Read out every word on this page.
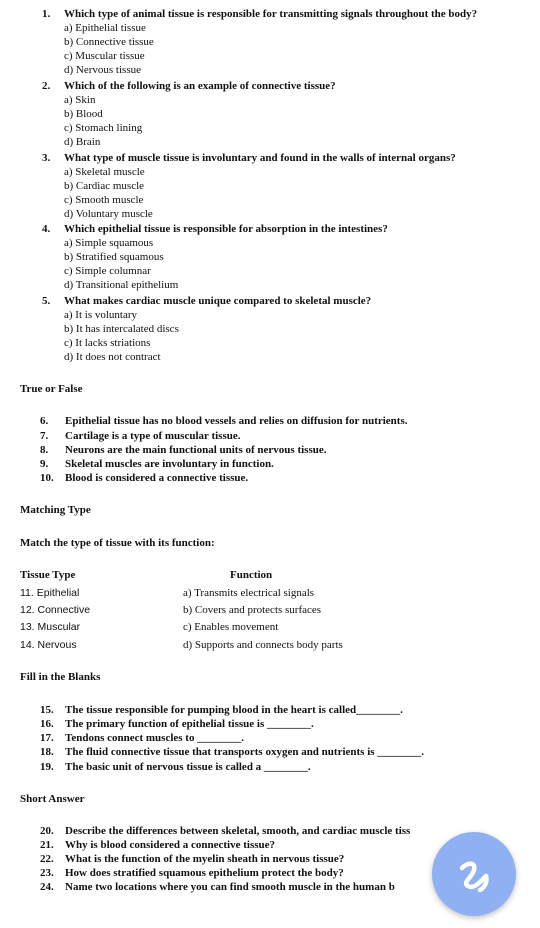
1. Which type of animal tissue is responsible for transmitting signals throughout the body?
a) Epithelial tissue
b) Connective tissue
c) Muscular tissue
d) Nervous tissue
2. Which of the following is an example of connective tissue?
a) Skin
b) Blood
c) Stomach lining
d) Brain
3. What type of muscle tissue is involuntary and found in the walls of internal organs?
a) Skeletal muscle
b) Cardiac muscle
c) Smooth muscle
d) Voluntary muscle
4. Which epithelial tissue is responsible for absorption in the intestines?
a) Simple squamous
b) Stratified squamous
c) Simple columnar
d) Transitional epithelium
5. What makes cardiac muscle unique compared to skeletal muscle?
a) It is voluntary
b) It has intercalated discs
c) It lacks striations
d) It does not contract
True or False
6. Epithelial tissue has no blood vessels and relies on diffusion for nutrients.
7. Cartilage is a type of muscular tissue.
8. Neurons are the main functional units of nervous tissue.
9. Skeletal muscles are involuntary in function.
10. Blood is considered a connective tissue.
Matching Type
Match the type of tissue with its function:
Tissue Type	Function
11. Epithelial	a) Transmits electrical signals
12. Connective	b) Covers and protects surfaces
13. Muscular	c) Enables movement
14. Nervous	d) Supports and connects body parts
Fill in the Blanks
15. The tissue responsible for pumping blood in the heart is called________.
16. The primary function of epithelial tissue is ________.
17. Tendons connect muscles to ________.
18. The fluid connective tissue that transports oxygen and nutrients is ________.
19. The basic unit of nervous tissue is called a ________.
Short Answer
20. Describe the differences between skeletal, smooth, and cardiac muscle tiss
21. Why is blood considered a connective tissue?
22. What is the function of the myelin sheath in nervous tissue?
23. How does stratified squamous epithelium protect the body?
24. Name two locations where you can find smooth muscle in the human b
